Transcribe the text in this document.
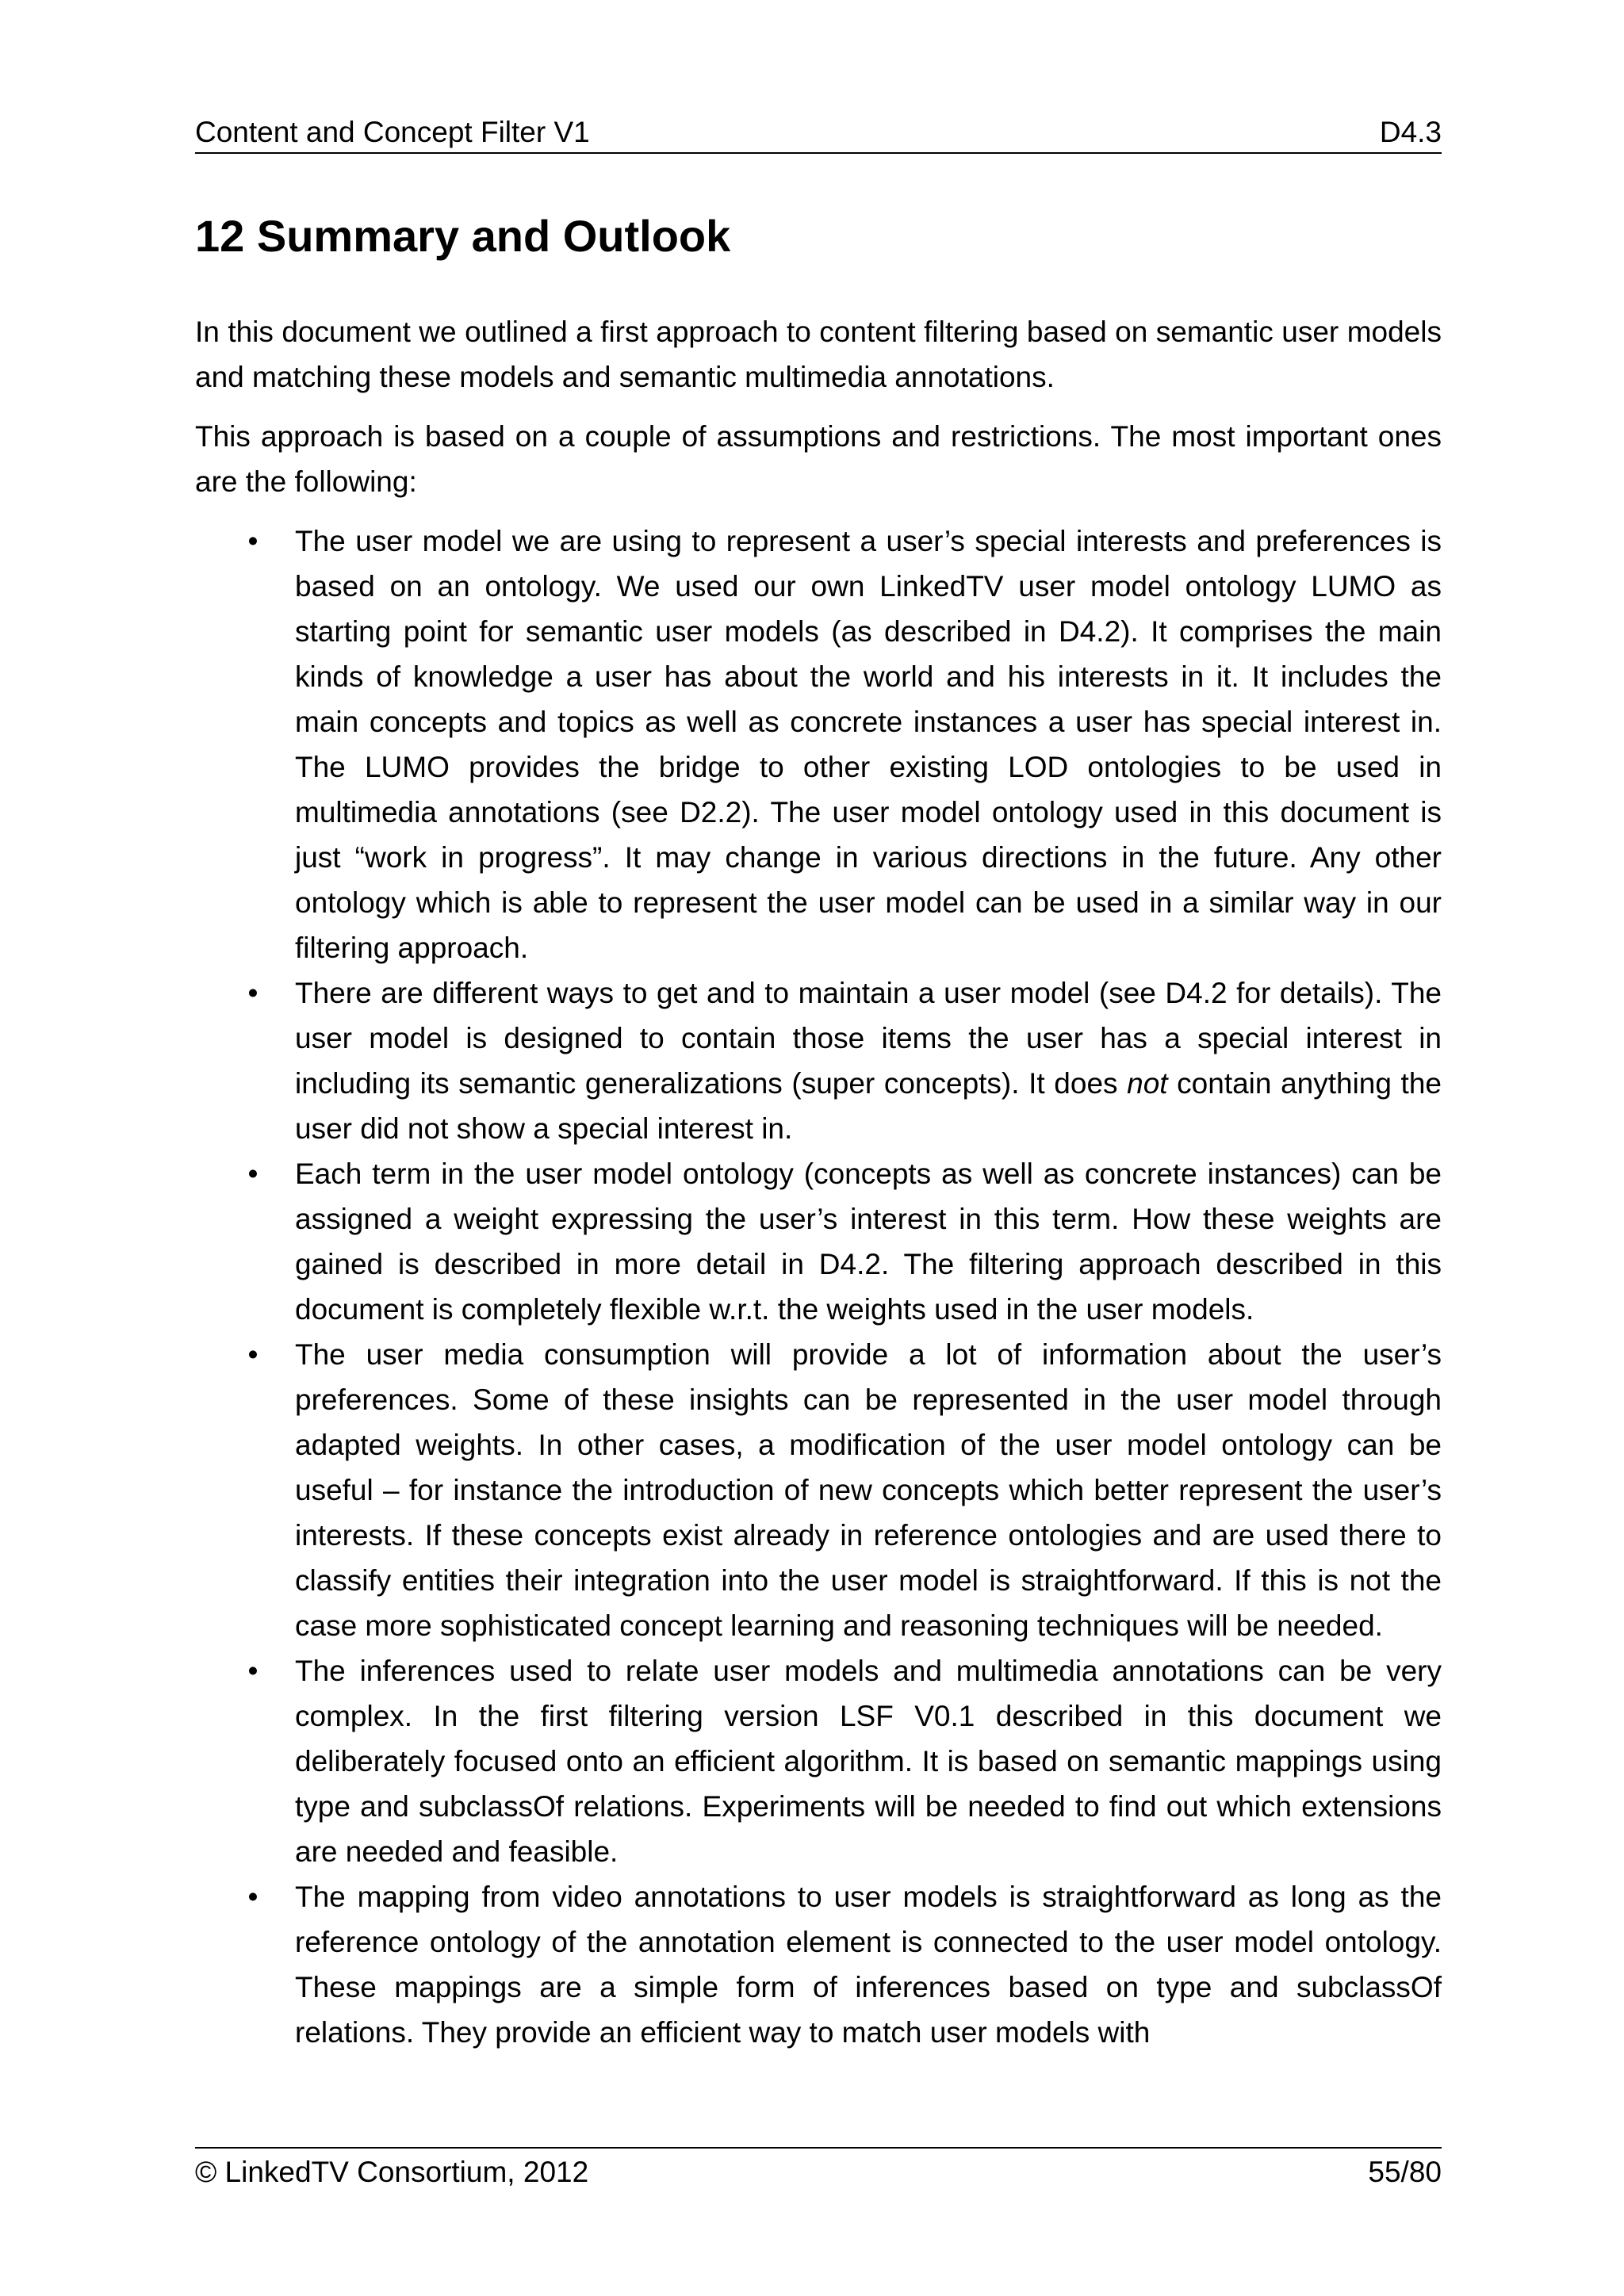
Content and Concept Filter V1	D4.3
12 Summary and Outlook

In this document we outlined a first approach to content filtering based on semantic user models and matching these models and semantic multimedia annotations.

This approach is based on a couple of assumptions and restrictions. The most important ones are the following:

• The user model we are using to represent a user’s special interests and preferences is based on an ontology. We used our own LinkedTV user model ontology LUMO as starting point for semantic user models (as described in D4.2). It comprises the main kinds of knowledge a user has about the world and his interests in it. It includes the main concepts and topics as well as concrete instances a user has special interest in. The LUMO provides the bridge to other existing LOD ontologies to be used in multimedia annotations (see D2.2). The user model ontology used in this document is just “work in progress”. It may change in various directions in the future. Any other ontology which is able to represent the user model can be used in a similar way in our filtering approach.
• There are different ways to get and to maintain a user model (see D4.2 for details). The user model is designed to contain those items the user has a special interest in including its semantic generalizations (super concepts). It does not contain anything the user did not show a special interest in.
• Each term in the user model ontology (concepts as well as concrete instances) can be assigned a weight expressing the user’s interest in this term. How these weights are gained is described in more detail in D4.2. The filtering approach described in this document is completely flexible w.r.t. the weights used in the user models.
• The user media consumption will provide a lot of information about the user’s preferences. Some of these insights can be represented in the user model through adapted weights. In other cases, a modification of the user model ontology can be useful – for instance the introduction of new concepts which better represent the user’s interests. If these concepts exist already in reference ontologies and are used there to classify entities their integration into the user model is straightforward. If this is not the case more sophisticated concept learning and reasoning techniques will be needed.
• The inferences used to relate user models and multimedia annotations can be very complex. In the first filtering version LSF V0.1 described in this document we deliberately focused onto an efficient algorithm. It is based on semantic mappings using type and subclassOf relations. Experiments will be needed to find out which extensions are needed and feasible.
• The mapping from video annotations to user models is straightforward as long as the reference ontology of the annotation element is connected to the user model ontology. These mappings are a simple form of inferences based on type and subclassOf relations. They provide an efficient way to match user models with
© LinkedTV Consortium, 2012	55/80
